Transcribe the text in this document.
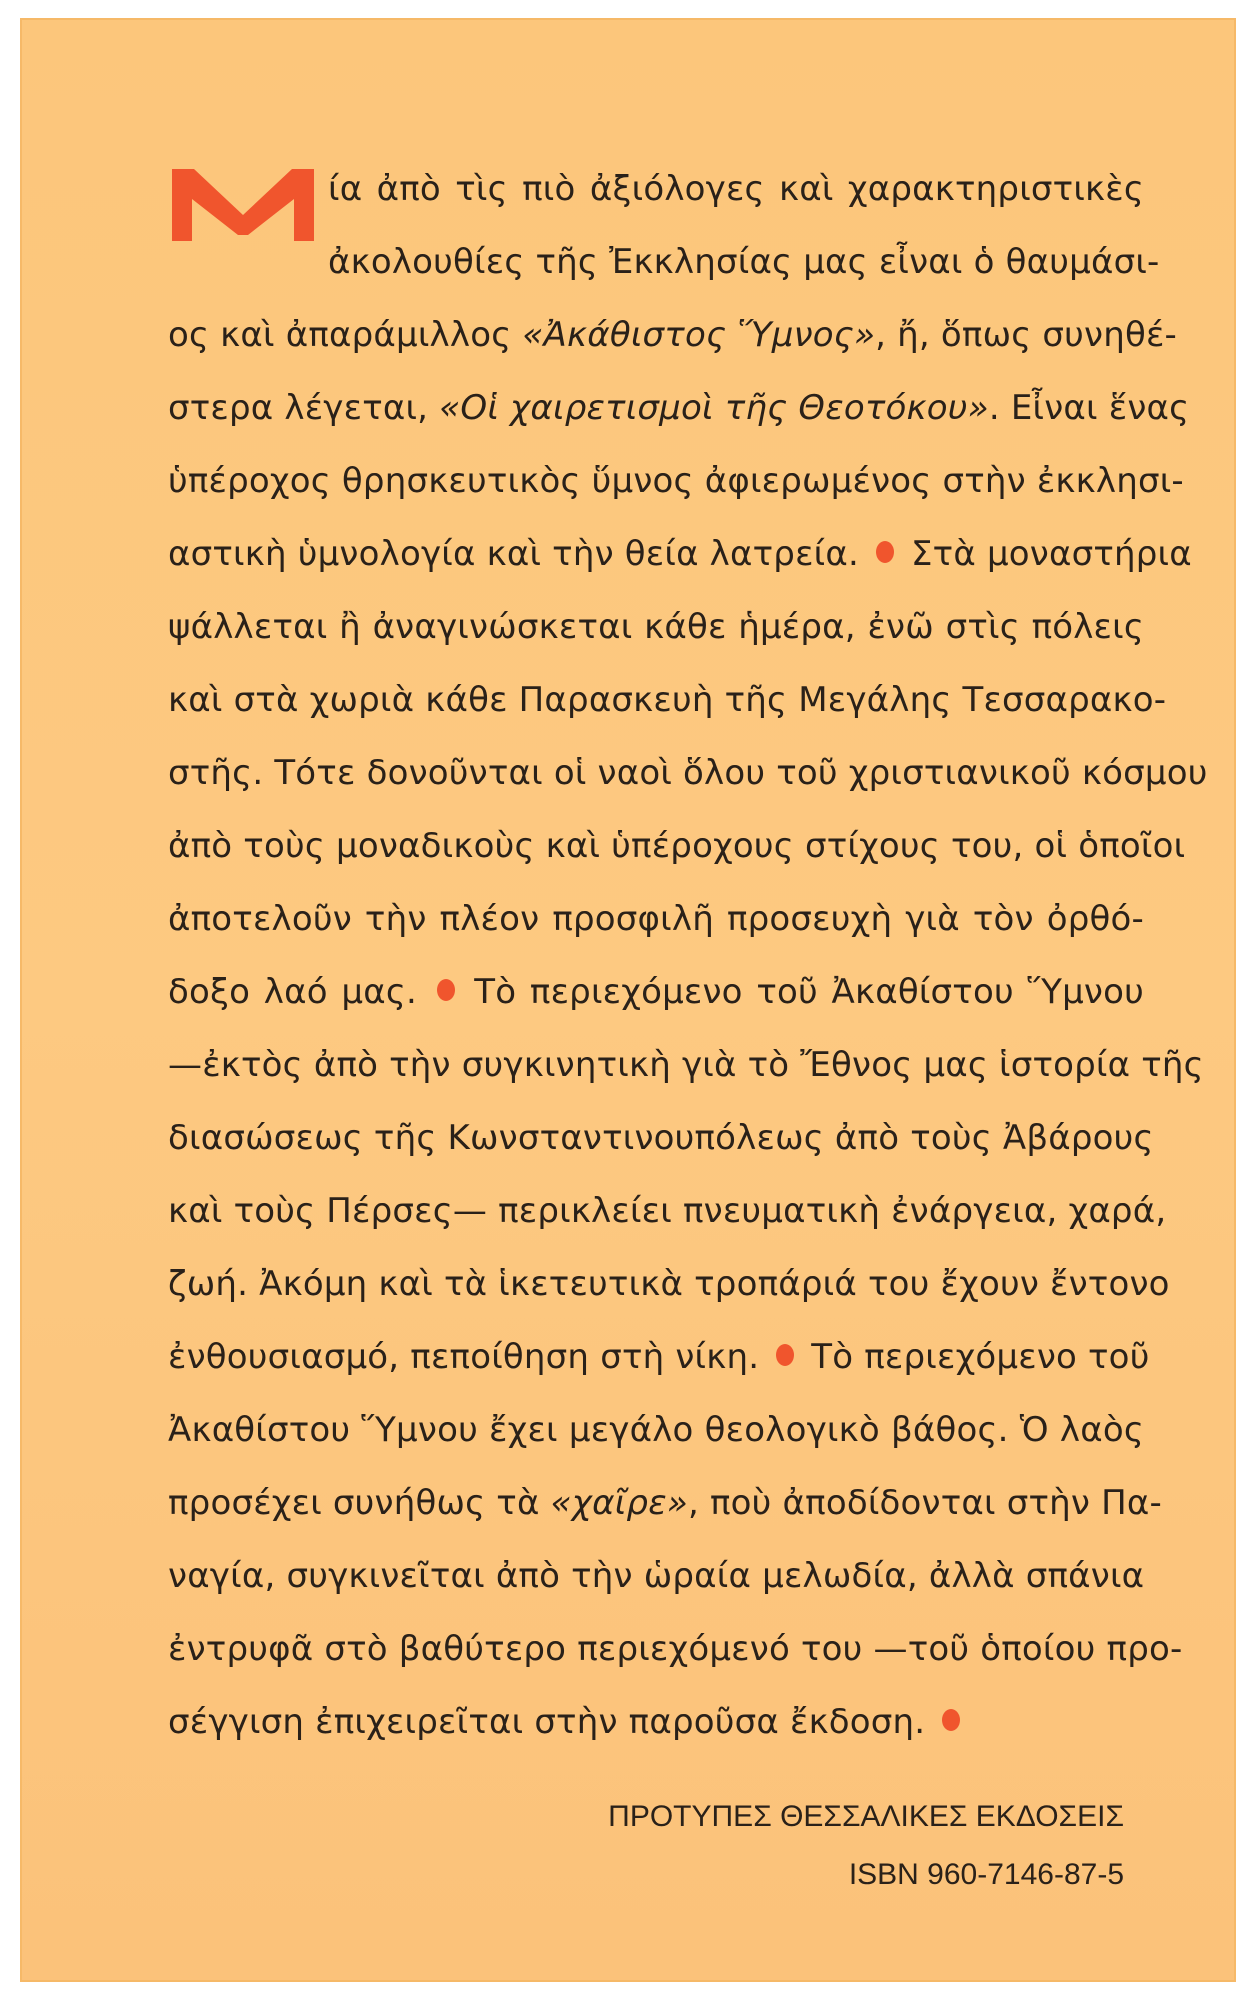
ία ἀπὸ τὶς πιὸ ἀξιόλογες καὶ χαρακτηριστικὲς
ἀκολουθίες τῆς Ἐκκλησίας μας εἶναι ὁ θαυμάσι-
ος καὶ ἀπαράμιλλος «Ἀκάθιστος Ὕμνος», ἤ, ὅπως συνηθέ-
στερα λέγεται, «Οἱ χαιρετισμοὶ τῆς Θεοτόκου». Εἶναι ἕνας
ὑπέροχος θρησκευτικὸς ὕμνος ἀφιερωμένος στὴν ἐκκλησι-
αστικὴ ὑμνολογία καὶ τὴν θεία λατρεία.  Στὰ μοναστήρια
ψάλλεται ἢ ἀναγινώσκεται κάθε ἡμέρα, ἐνῶ στὶς πόλεις
καὶ στὰ χωριὰ κάθε Παρασκευὴ τῆς Μεγάλης Τεσσαρακο-
στῆς. Τότε δονοῦνται οἱ ναοὶ ὅλου τοῦ χριστιανικοῦ κόσμου
ἀπὸ τοὺς μοναδικοὺς καὶ ὑπέροχους στίχους του, οἱ ὁποῖοι
ἀποτελοῦν τὴν πλέον προσφιλῆ προσευχὴ γιὰ τὸν ὀρθό-
δοξο λαό μας.  Τὸ περιεχόμενο τοῦ Ἀκαθίστου Ὕμνου
—ἐκτὸς ἀπὸ τὴν συγκινητικὴ γιὰ τὸ Ἔθνος μας ἱστορία τῆς
διασώσεως τῆς Κωνσταντινουπόλεως ἀπὸ τοὺς Ἀβάρους
καὶ τοὺς Πέρσες— περικλείει πνευματικὴ ἐνάργεια, χαρά,
ζωή. Ἀκόμη καὶ τὰ ἱκετευτικὰ τροπάριά του ἔχουν ἔντονο
ἐνθουσιασμό, πεποίθηση στὴ νίκη.  Τὸ περιεχόμενο τοῦ
Ἀκαθίστου Ὕμνου ἔχει μεγάλο θεολογικὸ βάθος. Ὁ λαὸς
προσέχει συνήθως τὰ «χαῖρε», ποὺ ἀποδίδονται στὴν Πα-
ναγία, συγκινεῖται ἀπὸ τὴν ὡραία μελωδία, ἀλλὰ σπάνια
ἐντρυφᾶ στὸ βαθύτερο περιεχόμενό του —τοῦ ὁποίου προ-
σέγγιση ἐπιχειρεῖται στὴν παροῦσα ἔκδοση.
ΠΡΟΤΥΠΕΣ ΘΕΣΣΑΛΙΚΕΣ ΕΚΔΟΣΕΙΣ
ISBN 960-7146-87-5
